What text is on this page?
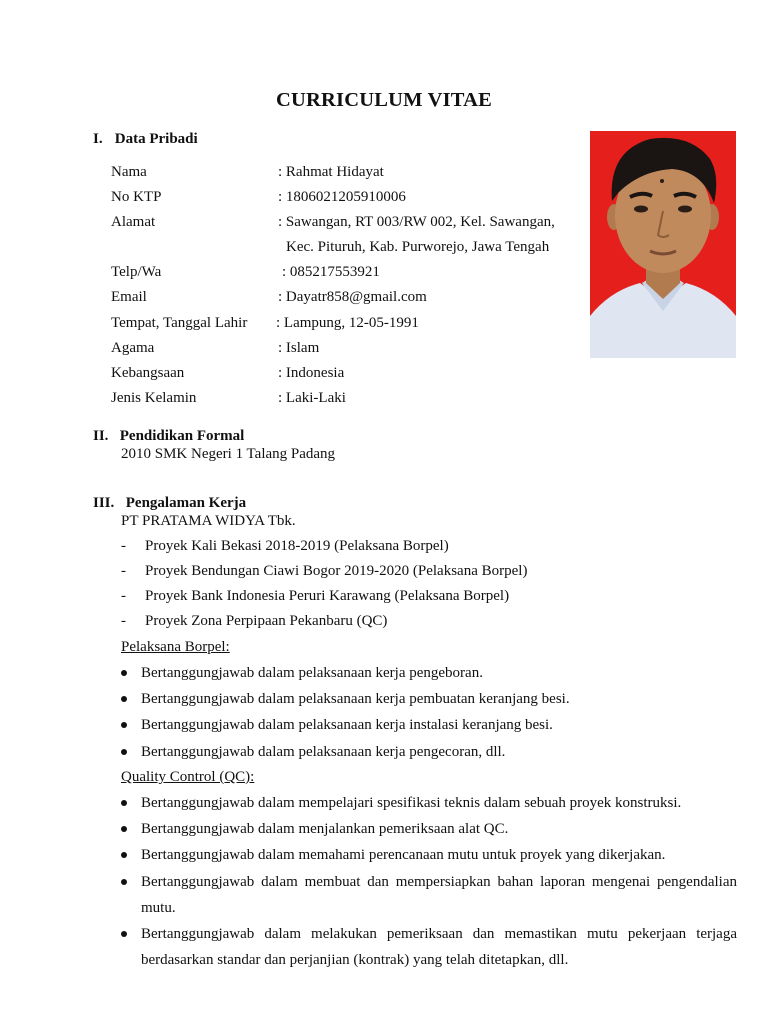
CURRICULUM VITAE
I. Data Pribadi
Nama	: Rahmat Hidayat
No KTP	: 1806021205910006
Alamat	: Sawangan, RT 003/RW 002, Kel. Sawangan,
Kec. Pituruh, Kab. Purworejo, Jawa Tengah
Telp/Wa	: 085217553921
Email	: Dayatr858@gmail.com
Tempat, Tanggal Lahir : Lampung, 12-05-1991
Agama	: Islam
Kebangsaan	: Indonesia
Jenis Kelamin	: Laki-Laki
II. Pendidikan Formal
2010 SMK Negeri 1 Talang Padang
III. Pengalaman Kerja
PT PRATAMA WIDYA Tbk.
- Proyek Kali Bekasi 2018-2019 (Pelaksana Borpel)
- Proyek Bendungan Ciawi Bogor 2019-2020 (Pelaksana Borpel)
- Proyek Bank Indonesia Peruri Karawang (Pelaksana Borpel)
- Proyek Zona Perpipaan Pekanbaru (QC)
Pelaksana Borpel:
Bertanggungjawab dalam pelaksanaan kerja pengeboran.
Bertanggungjawab dalam pelaksanaan kerja pembuatan keranjang besi.
Bertanggungjawab dalam pelaksanaan kerja instalasi keranjang besi.
Bertanggungjawab dalam pelaksanaan kerja pengecoran, dll.
Quality Control (QC):
Bertanggungjawab dalam mempelajari spesifikasi teknis dalam sebuah proyek konstruksi.
Bertanggungjawab dalam menjalankan pemeriksaan alat QC.
Bertanggungjawab dalam memahami perencanaan mutu untuk proyek yang dikerjakan.
Bertanggungjawab dalam membuat dan mempersiapkan bahan laporan mengenai pengendalian
mutu.
Bertanggungjawab dalam melakukan pemeriksaan dan memastikan mutu pekerjaan terjaga
berdasarkan standar dan perjanjian (kontrak) yang telah ditetapkan, dll.
